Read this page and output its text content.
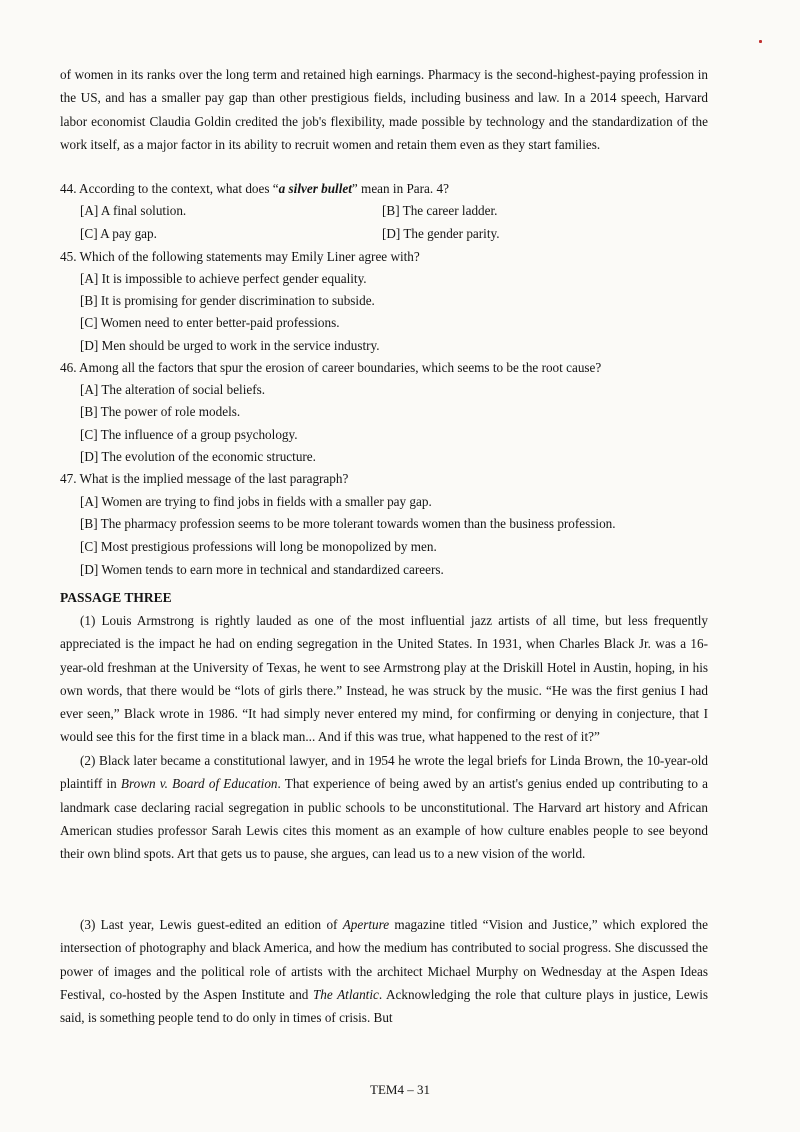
of women in its ranks over the long term and retained high earnings. Pharmacy is the second-highest-paying profession in the US, and has a smaller pay gap than other prestigious fields, including business and law. In a 2014 speech, Harvard labor economist Claudia Goldin credited the job's flexibility, made possible by technology and the standardization of the work itself, as a major factor in its ability to recruit women and retain them even as they start families.

44. According to the context, what does “a silver bullet” mean in Para. 4?

[A] A final solution.	[B] The career ladder.

[C] A pay gap.	[D] The gender parity.

45. Which of the following statements may Emily Liner agree with?

[A] It is impossible to achieve perfect gender equality.

[B] It is promising for gender discrimination to subside.

[C] Women need to enter better-paid professions.

[D] Men should be urged to work in the service industry.

46. Among all the factors that spur the erosion of career boundaries, which seems to be the root cause?

[A] The alteration of social beliefs.

[B] The power of role models.

[C] The influence of a group psychology.

[D] The evolution of the economic structure.

47. What is the implied message of the last paragraph?

[A] Women are trying to find jobs in fields with a smaller pay gap.

[B] The pharmacy profession seems to be more tolerant towards women than the business profession.

[C] Most prestigious professions will long be monopolized by men.

[D] Women tends to earn more in technical and standardized careers.

PASSAGE THREE

(1) Louis Armstrong is rightly lauded as one of the most influential jazz artists of all time, but less frequently appreciated is the impact he had on ending segregation in the United States. In 1931, when Charles Black Jr. was a 16-year-old freshman at the University of Texas, he went to see Armstrong play at the Driskill Hotel in Austin, hoping, in his own words, that there would be “lots of girls there.” Instead, he was struck by the music. “He was the first genius I had ever seen,” Black wrote in 1986. “It had simply never entered my mind, for confirming or denying in conjecture, that I would see this for the first time in a black man... And if this was true, what happened to the rest of it?”

(2) Black later became a constitutional lawyer, and in 1954 he wrote the legal briefs for Linda Brown, the 10-year-old plaintiff in Brown v. Board of Education. That experience of being awed by an artist's genius ended up contributing to a landmark case declaring racial segregation in public schools to be unconstitutional. The Harvard art history and African American studies professor Sarah Lewis cites this moment as an example of how culture enables people to see beyond their own blind spots. Art that gets us to pause, she argues, can lead us to a new vision of the world.

(3) Last year, Lewis guest-edited an edition of Aperture magazine titled “Vision and Justice,” which explored the intersection of photography and black America, and how the medium has contributed to social progress. She discussed the power of images and the political role of artists with the architect Michael Murphy on Wednesday at the Aspen Ideas Festival, co-hosted by the Aspen Institute and The Atlantic. Acknowledging the role that culture plays in justice, Lewis said, is something people tend to do only in times of crisis. But

TEM4 – 31
